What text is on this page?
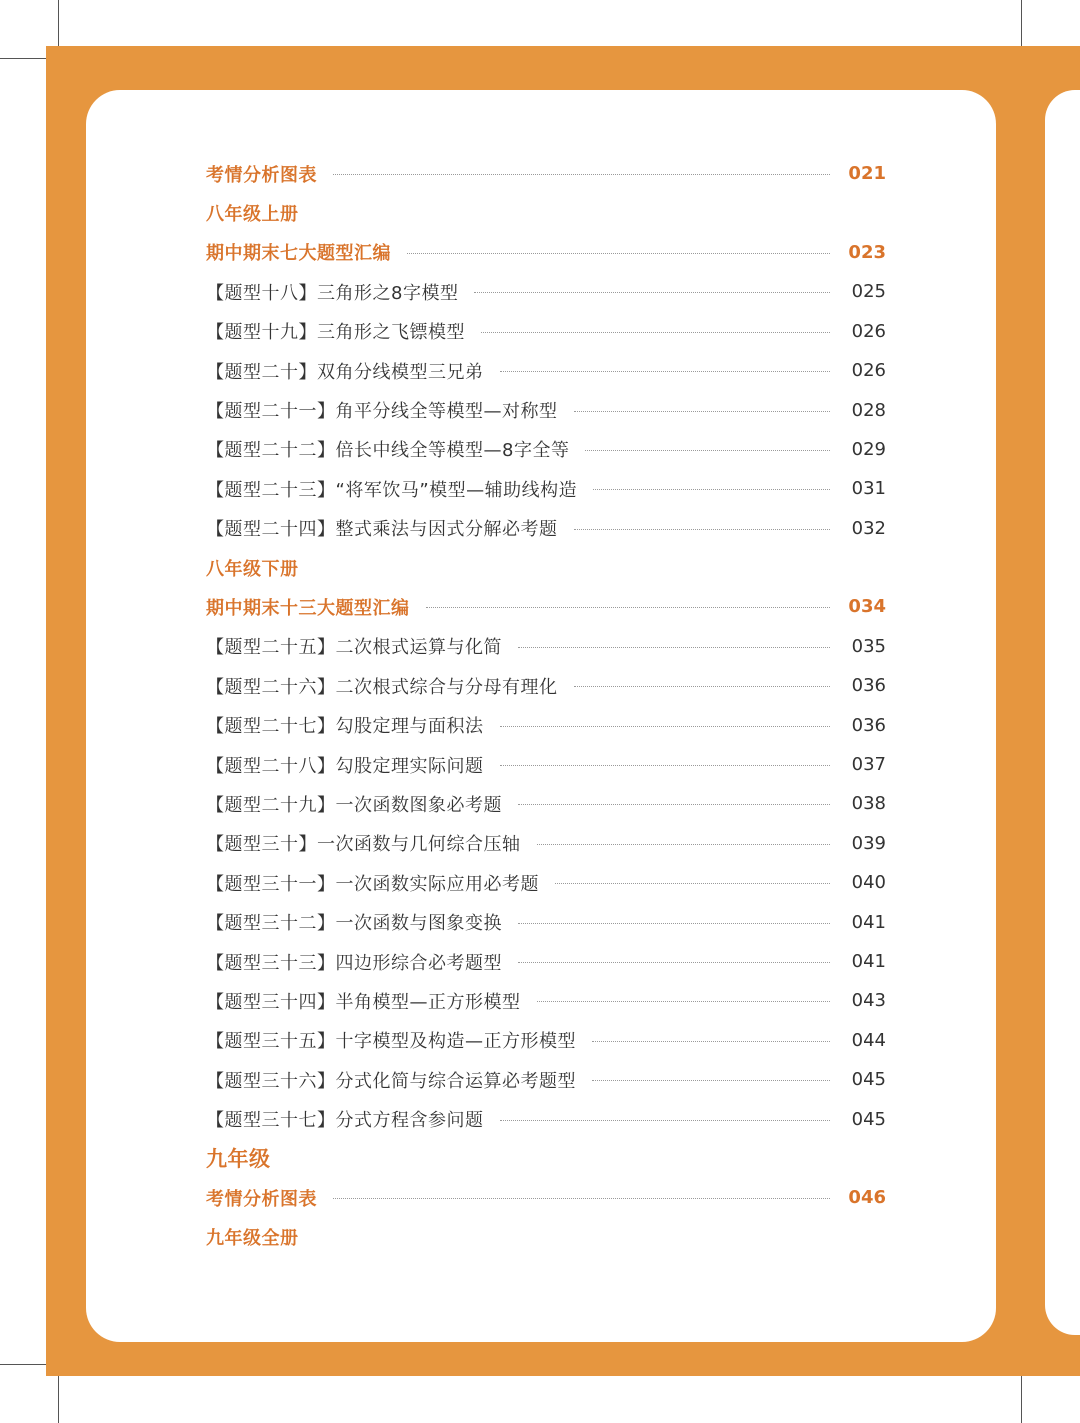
考情分析图表	021
八年级上册
期中期末七大题型汇编	023
【题型十八】三角形之8字模型	025
【题型十九】三角形之飞镖模型	026
【题型二十】双角分线模型三兄弟	026
【题型二十一】角平分线全等模型—对称型	028
【题型二十二】倍长中线全等模型—8字全等	029
【题型二十三】“将军饮马”模型—辅助线构造	031
【题型二十四】整式乘法与因式分解必考题	032
八年级下册
期中期末十三大题型汇编	034
【题型二十五】二次根式运算与化简	035
【题型二十六】二次根式综合与分母有理化	036
【题型二十七】勾股定理与面积法	036
【题型二十八】勾股定理实际问题	037
【题型二十九】一次函数图象必考题	038
【题型三十】一次函数与几何综合压轴	039
【题型三十一】一次函数实际应用必考题	040
【题型三十二】一次函数与图象变换	041
【题型三十三】四边形综合必考题型	041
【题型三十四】半角模型—正方形模型	043
【题型三十五】十字模型及构造—正方形模型	044
【题型三十六】分式化简与综合运算必考题型	045
【题型三十七】分式方程含参问题	045
九年级
考情分析图表	046
九年级全册
